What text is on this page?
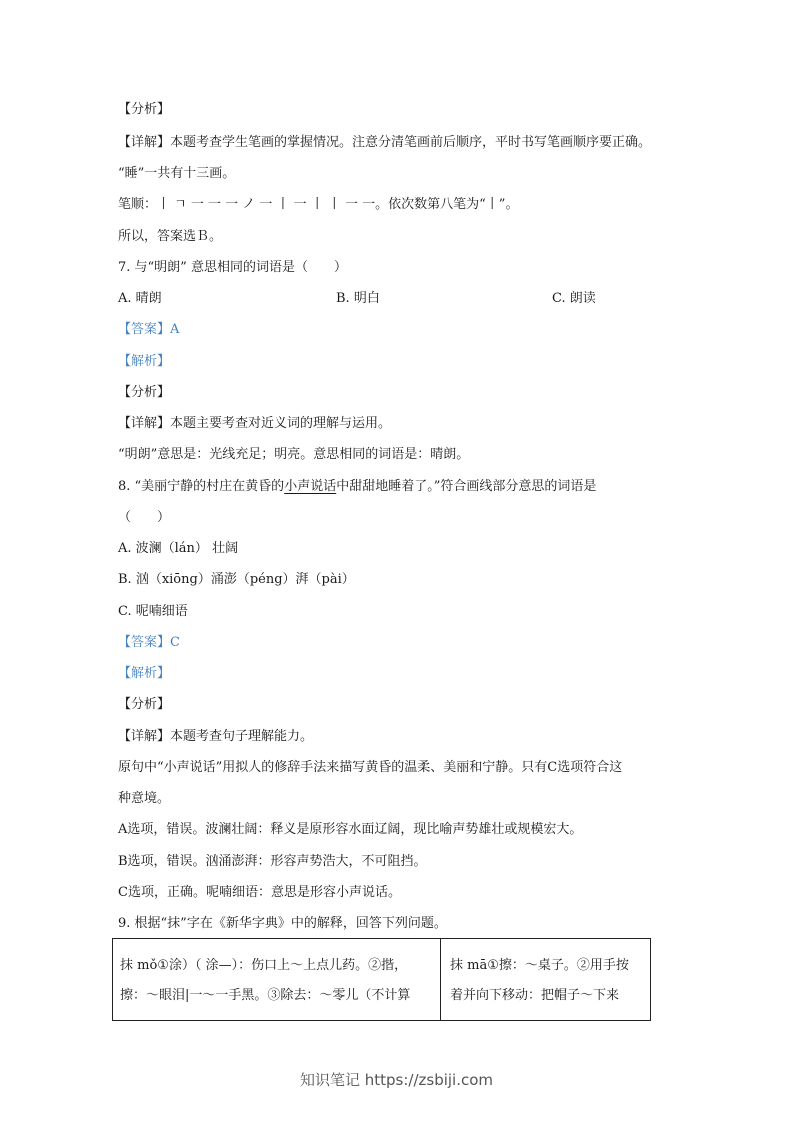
【分析】

【详解】本题考查学生笔画的掌握情况。注意分清笔画前后顺序，平时书写笔画顺序要正确。

“睡”一共有十三画。

笔顺：丨 ㄱ 一 一 一 ノ 一 丨 一 丨 丨 一 一。依次数第八笔为“丨”。

所以，答案选Ｂ。

7. 与“明朗” 意思相同的词语是（　　）

A. 晴朗	B. 明白	C. 朗读

【答案】A

【解析】

【分析】

【详解】本题主要考查对近义词的理解与运用。

“明朗”意思是：光线充足；明亮。意思相同的词语是：晴朗。

8. “美丽宁静的村庄在黄昏的小声说话中甜甜地睡着了。”符合画线部分意思的词语是

（　　）

A. 波澜（lán） 壮阔

B. 汹（xiōng）涌澎（péng）湃（pài）

C. 呢喃细语

【答案】C

【解析】

【分析】

【详解】本题考查句子理解能力。

原句中“小声说话”用拟人的修辞手法来描写黄昏的温柔、美丽和宁静。只有C选项符合这

种意境。

A选项，错误。波澜壮阔：释义是原形容水面辽阔，现比喻声势雄壮或规模宏大。

B选项，错误。汹涌澎湃：形容声势浩大，不可阻挡。

C选项，正确。呢喃细语：意思是形容小声说话。

9. 根据“抹”字在《新华字典》中的解释，回答下列问题。

抹 mǒ①涂）（ 涂—）：伤口上～上点儿药。②揩，
擦：～眼泪|一～一手黑。③除去：～零儿（不计算
抹 mā①擦：～桌子。②用手按
着并向下移动：把帽子～下来
知识笔记 https://zsbiji.com
